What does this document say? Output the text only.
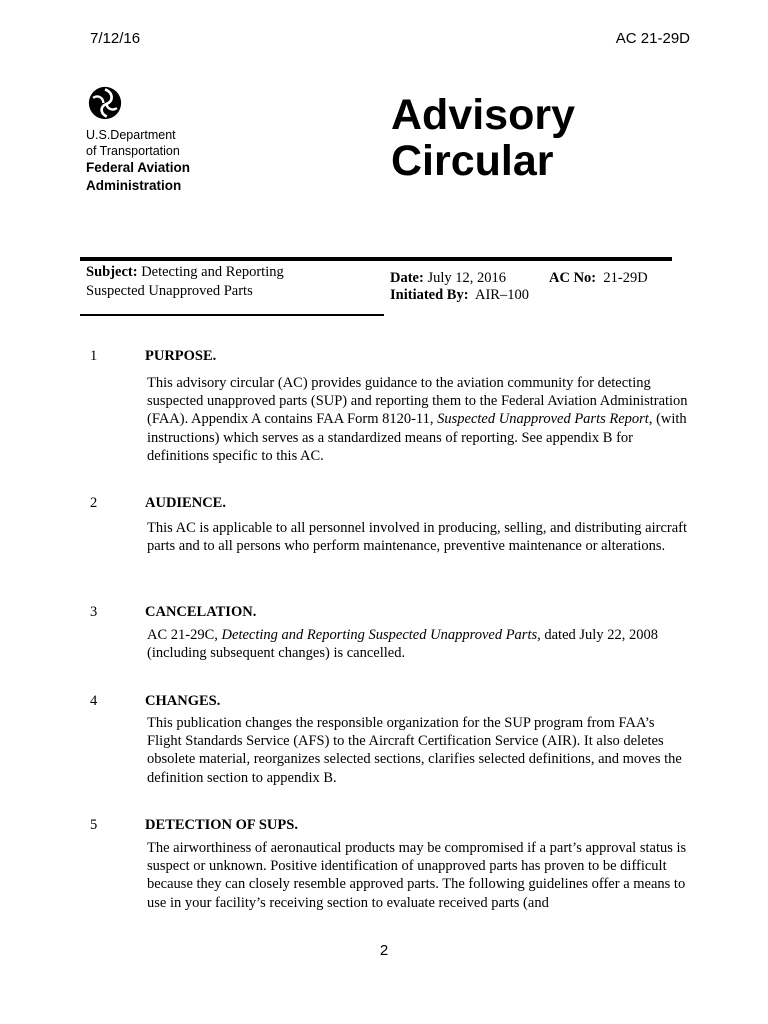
7/12/16	AC 21-29D
U.S.Department
of Transportation
Federal Aviation
Administration
Advisory
Circular
Subject: Detecting and Reporting
Suspected Unapproved Parts
Date: July 12, 2016	AC No: 21-29D
Initiated By: AIR–100
1	PURPOSE.
This advisory circular (AC) provides guidance to the aviation community for detecting suspected unapproved parts (SUP) and reporting them to the Federal Aviation Administration (FAA). Appendix A contains FAA Form 8120-11, Suspected Unapproved Parts Report, (with instructions) which serves as a standardized means of reporting. See appendix B for definitions specific to this AC.
2	AUDIENCE.
This AC is applicable to all personnel involved in producing, selling, and distributing aircraft parts and to all persons who perform maintenance, preventive maintenance or alterations.
3	CANCELATION.
AC 21-29C, Detecting and Reporting Suspected Unapproved Parts, dated July 22, 2008 (including subsequent changes) is cancelled.
4	CHANGES.
This publication changes the responsible organization for the SUP program from FAA’s Flight Standards Service (AFS) to the Aircraft Certification Service (AIR). It also deletes obsolete material, reorganizes selected sections, clarifies selected definitions, and moves the definition section to appendix B.
5	DETECTION OF SUPS.
The airworthiness of aeronautical products may be compromised if a part’s approval status is suspect or unknown. Positive identification of unapproved parts has proven to be difficult because they can closely resemble approved parts. The following guidelines offer a means to use in your facility’s receiving section to evaluate received parts (and
2
